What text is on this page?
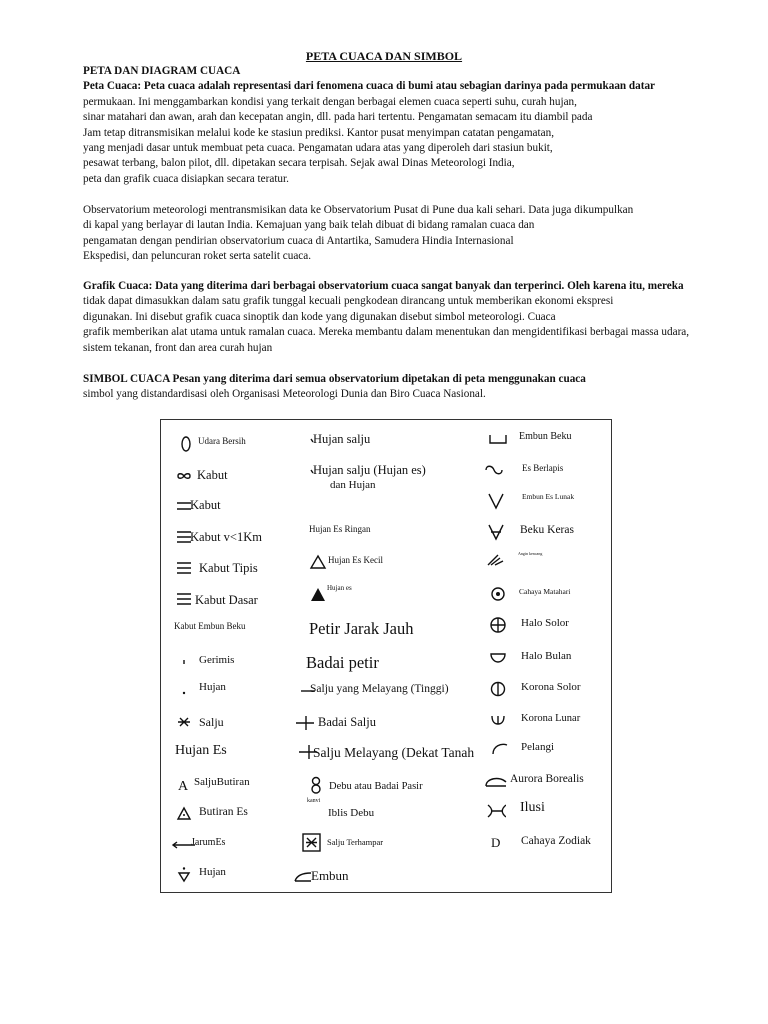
PETA CUACA DAN SIMBOL
PETA DAN DIAGRAM CUACA
Peta Cuaca: Peta cuaca adalah representasi dari fenomena cuaca di bumi atau sebagian darinya pada permukaan datar
permukaan. Ini menggambarkan kondisi yang terkait dengan berbagai elemen cuaca seperti suhu, curah hujan,
sinar matahari dan awan, arah dan kecepatan angin, dll. pada hari tertentu. Pengamatan semacam itu diambil pada
Jam tetap ditransmisikan melalui kode ke stasiun prediksi. Kantor pusat menyimpan catatan pengamatan,
yang menjadi dasar untuk membuat peta cuaca. Pengamatan udara atas yang diperoleh dari stasiun bukit,
pesawat terbang, balon pilot, dll. dipetakan secara terpisah. Sejak awal Dinas Meteorologi India,
peta dan grafik cuaca disiapkan secara teratur.
Observatorium meteorologi mentransmisikan data ke Observatorium Pusat di Pune dua kali sehari. Data juga dikumpulkan
di kapal yang berlayar di lautan India. Kemajuan yang baik telah dibuat di bidang ramalan cuaca dan
pengamatan dengan pendirian observatorium cuaca di Antartika, Samudera Hindia Internasional
Ekspedisi, dan peluncuran roket serta satelit cuaca.
Grafik Cuaca: Data yang diterima dari berbagai observatorium cuaca sangat banyak dan terperinci. Oleh karena itu, mereka
tidak dapat dimasukkan dalam satu grafik tunggal kecuali pengkodean dirancang untuk memberikan ekonomi ekspresi
digunakan. Ini disebut grafik cuaca sinoptik dan kode yang digunakan disebut simbol meteorologi. Cuaca
grafik memberikan alat utama untuk ramalan cuaca. Mereka membantu dalam menentukan dan mengidentifikasi berbagai massa udara,
sistem tekanan, front dan area curah hujan
SIMBOL CUACA Pesan yang diterima dari semua observatorium dipetakan di peta menggunakan cuaca
simbol yang distandardisasi oleh Organisasi Meteorologi Dunia dan Biro Cuaca Nasional.
Udara Bersih
Kabut
Kabut
Kabut v<1Km
Kabut Tipis
Kabut Dasar
Kabut Embun Beku
Gerimis
Hujan
Salju
Hujan Es
A SaljuButiran
Butiran Es
JarumEs
Hujan
Hujan salju
Hujan salju (Hujan es)
dan Hujan
Hujan Es Ringan
Hujan Es Kecil
Hujan es
Petir Jarak Jauh
Badai petir
Salju yang Melayang (Tinggi)
Badai Salju
Salju Melayang (Dekat Tanah
Debu atau Badai Pasir
Iblis Debu
kanvi
Salju Terhampar
Embun
Embun Beku
Es Berlapis
Embun Es Lunak
Beku Keras
Angin kencang
Cahaya Matahari
Halo Solor
Halo Bulan
Korona Solor
Korona Lunar
Pelangi
Aurora Borealis
Ilusi
D Cahaya Zodiak
